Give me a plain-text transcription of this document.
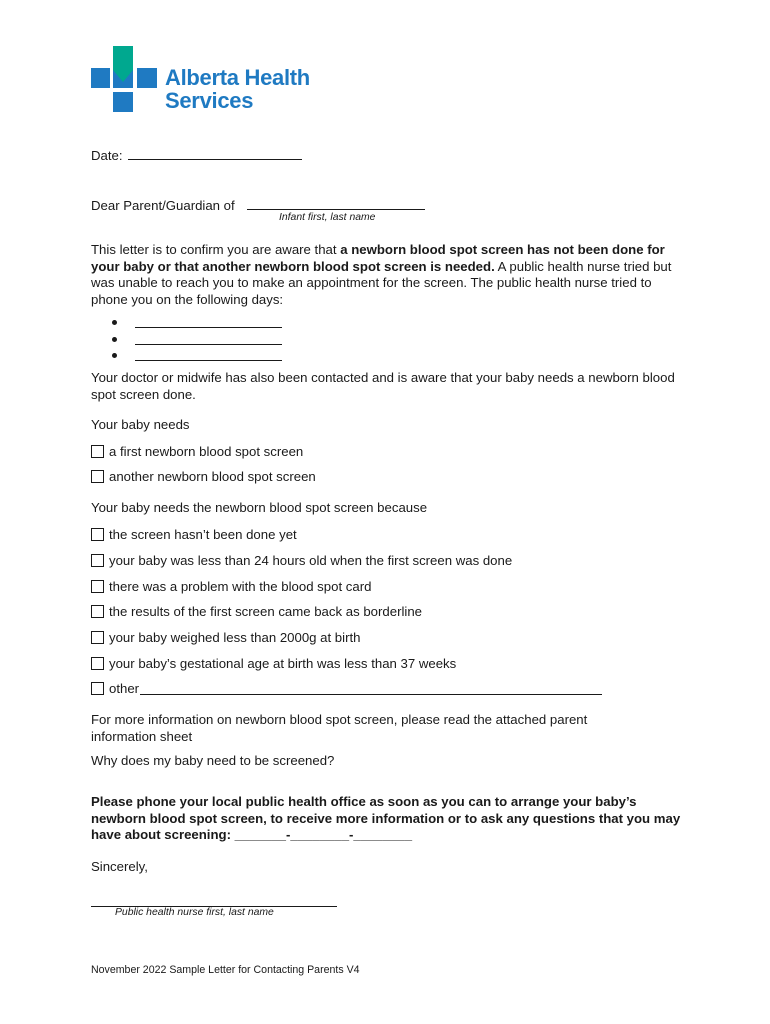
Alberta Health
Services
Date:
Dear Parent/Guardian of
Infant first, last name
This letter is to confirm you are aware that a newborn blood spot screen has not been done for your baby or that another newborn blood spot screen is needed. A public health nurse tried but was unable to reach you to make an appointment for the screen. The public health nurse tried to phone you on the following days:
Your doctor or midwife has also been contacted and is aware that your baby needs a newborn blood spot screen done.
Your baby needs
a first newborn blood spot screen
another newborn blood spot screen
Your baby needs the newborn blood spot screen because
the screen hasn’t been done yet
your baby was less than 24 hours old when the first screen was done
there was a problem with the blood spot card
the results of the first screen came back as borderline
your baby weighed less than 2000g at birth
your baby’s gestational age at birth was less than 37 weeks
other
For more information on newborn blood spot screen, please read the attached parent information sheet
Why does my baby need to be screened?
Please phone your local public health office as soon as you can to arrange your baby’s newborn blood spot screen, to receive more information or to ask any questions that you may have about screening: _______-________-________
Sincerely,
Public health nurse first, last name
November 2022 Sample Letter for Contacting Parents V4
